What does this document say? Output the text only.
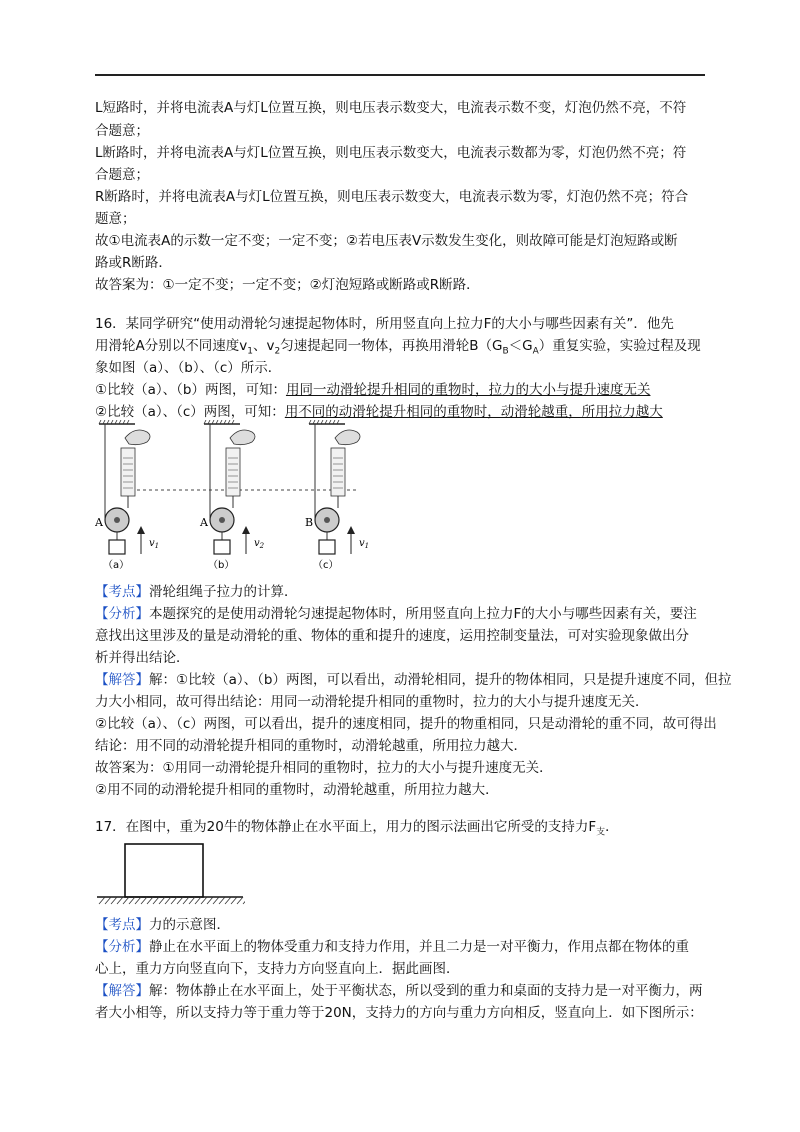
L短路时，并将电流表A与灯L位置互换，则电压表示数变大，电流表示数不变，灯泡仍然不亮，不符
合题意；
L断路时，并将电流表A与灯L位置互换，则电压表示数变大，电流表示数都为零，灯泡仍然不亮；符
合题意；
R断路时，并将电流表A与灯L位置互换，则电压表示数变大，电流表示数为零，灯泡仍然不亮；符合
题意；
故①电流表A的示数一定不变；一定不变；②若电压表V示数发生变化，则故障可能是灯泡短路或断
路或R断路．
故答案为：①一定不变；一定不变；②灯泡短路或断路或R断路．
16．某同学研究“使用动滑轮匀速提起物体时，所用竖直向上拉力F的大小与哪些因素有关”．他先
用滑轮A分别以不同速度$v_1$、$v_2$匀速提起同一物体，再换用滑轮$B(G_B<G_A)$重复实验，实验过程及现
象如图（a）、（b）、（c）所示．
①比较（a）、（b）两图，可知：用同一动滑轮提升相同的重物时，拉力的大小与提升速度无关
②比较（a）、（c）两图，可知：用不同的动滑轮提升相同的重物时，动滑轮越重，所用拉力越大
A
$v_1$
（a）
A
$v_2$
（b）
B
$v_1$
（c）
【考点】滑轮组绳子拉力的计算．
【分析】本题探究的是使用动滑轮匀速提起物体时，所用竖直向上拉力F的大小与哪些因素有关，要注
意找出这里涉及的量是动滑轮的重、物体的重和提升的速度，运用控制变量法，可对实验现象做出分
析并得出结论．
【解答】解：①比较（a）、（b）两图，可以看出，动滑轮相同，提升的物体相同，只是提升速度不同，但拉
力大小相同，故可得出结论：用同一动滑轮提升相同的重物时，拉力的大小与提升速度无关．
②比较（a）、（c）两图，可以看出，提升的速度相同，提升的物重相同，只是动滑轮的重不同，故可得出
结论：用不同的动滑轮提升相同的重物时，动滑轮越重，所用拉力越大．
故答案为：①用同一动滑轮提升相同的重物时，拉力的大小与提升速度无关．
②用不同的动滑轮提升相同的重物时，动滑轮越重，所用拉力越大．
17．在图中，重为20牛的物体静止在水平面上，用力的图示法画出它所受的支持力$F_支$．
【考点】力的示意图．
【分析】静止在水平面上的物体受重力和支持力作用，并且二力是一对平衡力，作用点都在物体的重
心上，重力方向竖直向下，支持力方向竖直向上．据此画图．
【解答】解：物体静止在水平面上，处于平衡状态，所以受到的重力和桌面的支持力是一对平衡力，两
者大小相等，所以支持力等于重力等于20N，支持力的方向与重力方向相反，竖直向上．如下图所示：
